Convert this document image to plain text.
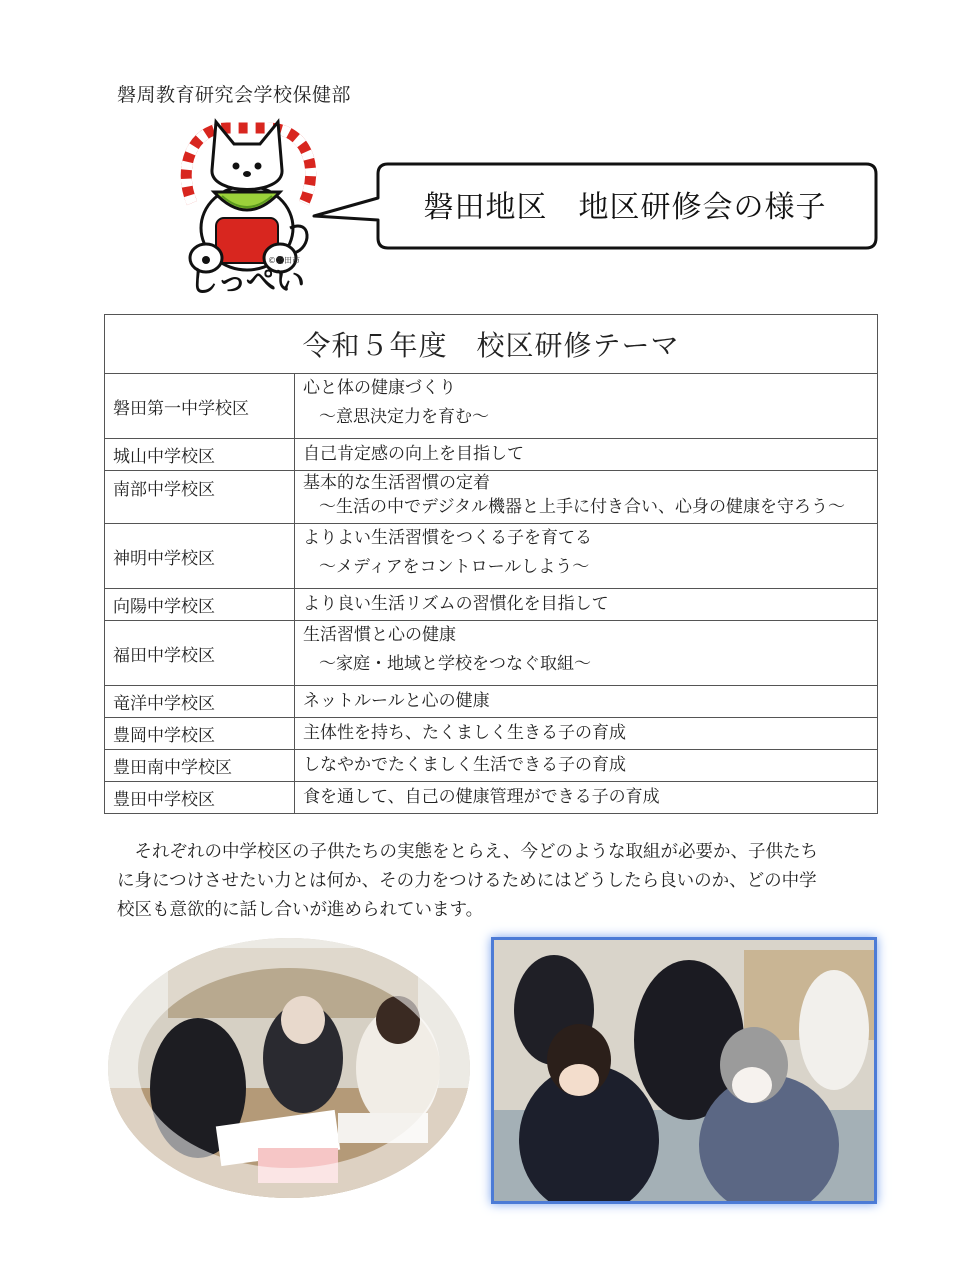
磐周教育研究会学校保健部
しっぺい
©磐田市
磐田地区　地区研修会の様子
令和５年度　校区研修テーマ	
磐田第一中学校区	心と体の健康づくり
～意思決定力を育む～

城山中学校区	自己肯定感の向上を目指して

南部中学校区	基本的な生活習慣の定着
～生活の中でデジタル機器と上手に付き合い、心身の健康を守ろう～

神明中学校区	よりよい生活習慣をつくる子を育てる
～メディアをコントロールしよう～

向陽中学校区	より良い生活リズムの習慣化を目指して

福田中学校区	生活習慣と心の健康
～家庭・地域と学校をつなぐ取組～

竜洋中学校区	ネットルールと心の健康

豊岡中学校区	主体性を持ち、たくましく生きる子の育成

豊田南中学校区	しなやかでたくましく生活できる子の育成

豊田中学校区	食を通して、自己の健康管理ができる子の育成
　それぞれの中学校区の子供たちの実態をとらえ、今どのような取組が必要か、子供たち
に身につけさせたい力とは何か、その力をつけるためにはどうしたら良いのか、どの中学
校区も意欲的に話し合いが進められています。
